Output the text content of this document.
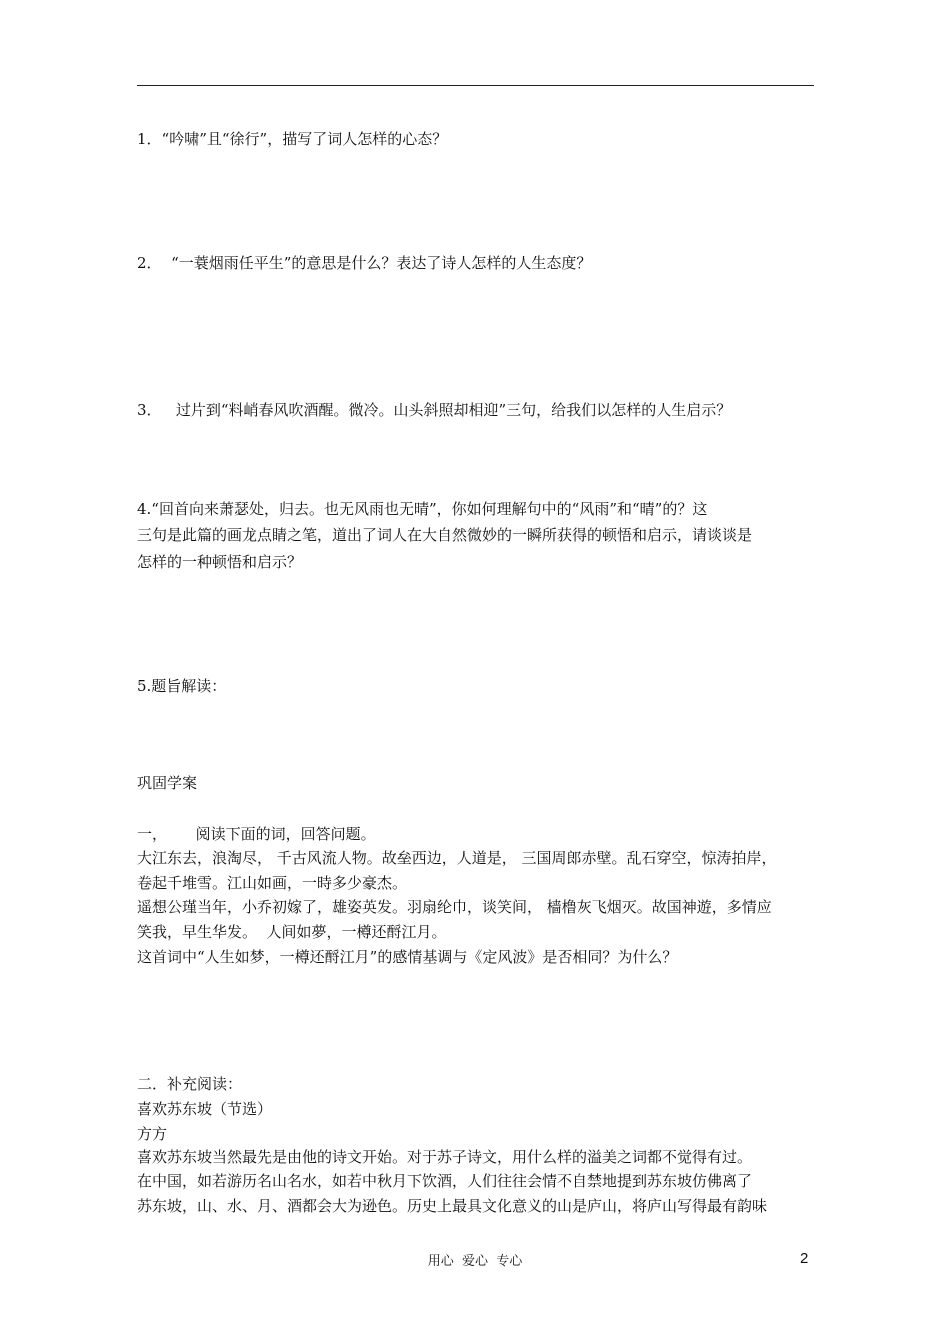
1．“吟啸”且“徐行”，描写了词人怎样的心态？
2．  “一蓑烟雨任平生”的意思是什么？表达了诗人怎样的人生态度？
3．   过片到“料峭春风吹酒醒。微冷。山头斜照却相迎”三句，给我们以怎样的人生启示？
4.“回首向来萧瑟处，归去。也无风雨也无晴”，你如何理解句中的“风雨”和“晴”的？这
三句是此篇的画龙点睛之笔，道出了词人在大自然微妙的一瞬所获得的顿悟和启示，请谈谈是
怎样的一种顿悟和启示？
5.题旨解读：
巩固学案
一，      阅读下面的词，回答问题。
大江东去，浪淘尽， 千古风流人物。故垒西边，人道是， 三国周郎赤壁。乱石穿空，惊涛拍岸，
卷起千堆雪。江山如画，一時多少豪杰。
遥想公瑾当年，小乔初嫁了，雄姿英发。羽扇纶巾，谈笑间， 樯橹灰飞烟灭。故国神遊，多情应
笑我，早生华发。  人间如夢，一樽还酹江月。
这首词中“人生如梦，一樽还酹江月”的感情基调与《定风波》是否相同？为什么？
二．补充阅读：
喜欢苏东坡（节选）
方方
喜欢苏东坡当然最先是由他的诗文开始。对于苏子诗文，用什么样的溢美之词都不觉得有过。
在中国，如若游历名山名水，如若中秋月下饮酒，人们往往会情不自禁地提到苏东坡仿佛离了
苏东坡，山、水、月、酒都会大为逊色。历史上最具文化意义的山是庐山，将庐山写得最有韵味
用心  爱心  专心	2
